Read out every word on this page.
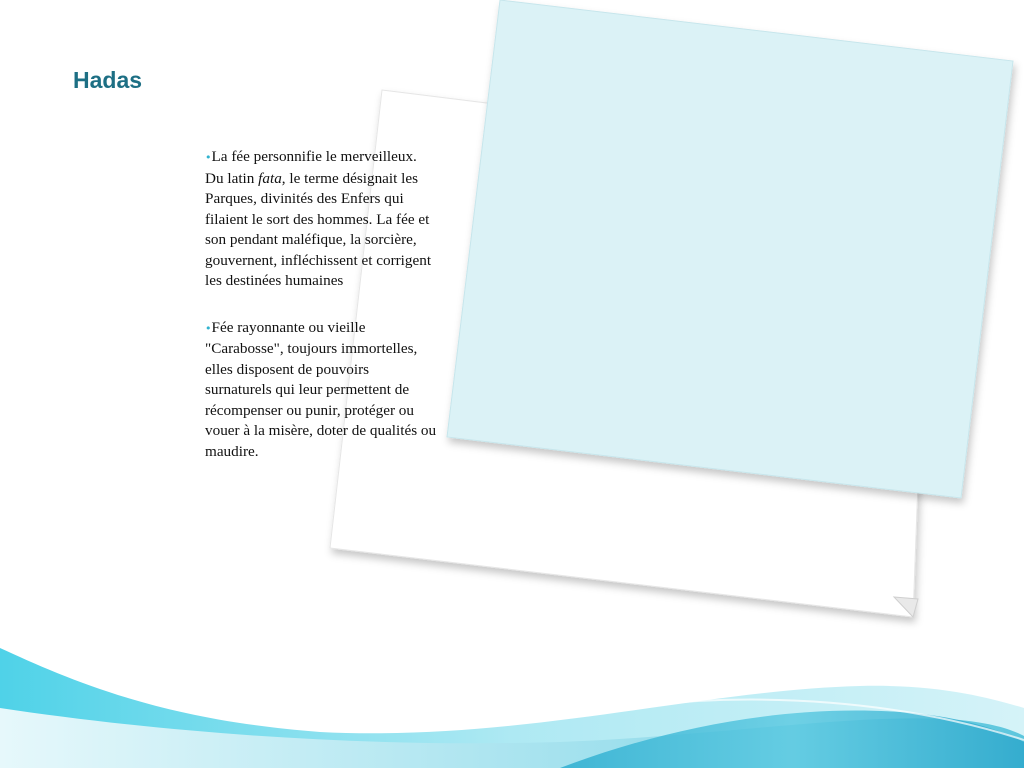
Hadas

•La fée personnifie le merveilleux. Du latin fata, le terme désignait les Parques, divinités des Enfers qui filaient le sort des hommes. La fée et son pendant maléfique, la sorcière, gouvernent, infléchissent et corrigent les destinées humaines

•Fée rayonnante ou vieille "Carabosse", toujours immortelles, elles disposent de pouvoirs surnaturels qui leur permettent de récompenser ou punir, protéger ou vouer à la misère, doter de qualités ou maudire.
